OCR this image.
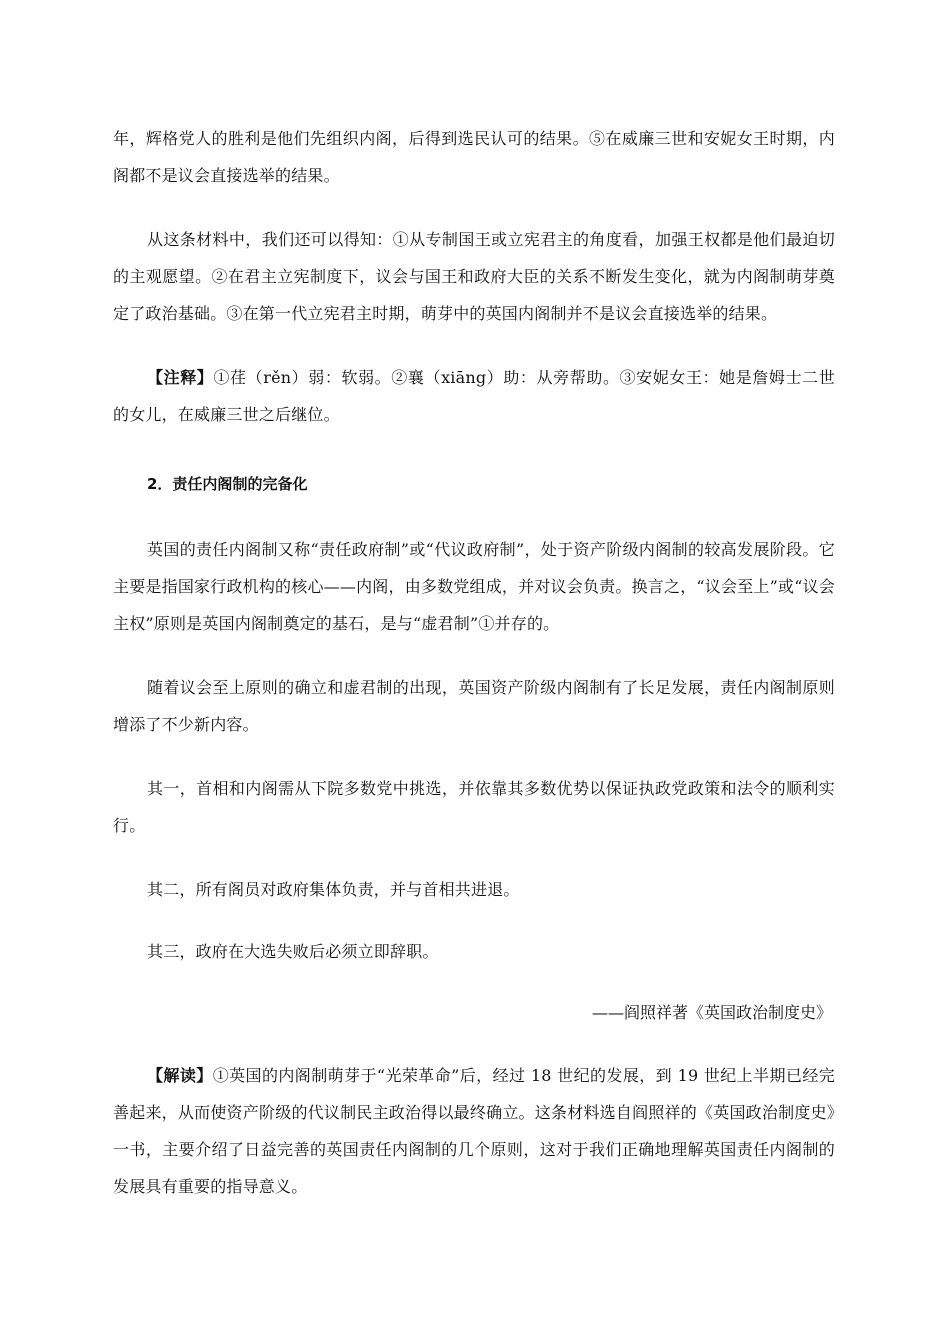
年，辉格党人的胜利是他们先组织内阁，后得到选民认可的结果。⑤在威廉三世和安妮女王时期，内阁都不是议会直接选举的结果。

从这条材料中，我们还可以得知：①从专制国王或立宪君主的角度看，加强王权都是他们最迫切的主观愿望。②在君主立宪制度下，议会与国王和政府大臣的关系不断发生变化，就为内阁制萌芽奠定了政治基础。③在第一代立宪君主时期，萌芽中的英国内阁制并不是议会直接选举的结果。

【注释】①荏（rěn）弱：软弱。②襄（xiāng）助：从旁帮助。③安妮女王：她是詹姆士二世的女儿，在威廉三世之后继位。

2．责任内阁制的完备化

英国的责任内阁制又称“责任政府制”或“代议政府制”，处于资产阶级内阁制的较高发展阶段。它主要是指国家行政机构的核心——内阁，由多数党组成，并对议会负责。换言之，“议会至上”或“议会主权”原则是英国内阁制奠定的基石，是与“虚君制”①并存的。

随着议会至上原则的确立和虚君制的出现，英国资产阶级内阁制有了长足发展，责任内阁制原则增添了不少新内容。

其一，首相和内阁需从下院多数党中挑选，并依靠其多数优势以保证执政党政策和法令的顺利实行。

其二，所有阁员对政府集体负责，并与首相共进退。

其三，政府在大选失败后必须立即辞职。

——阎照祥著《英国政治制度史》

【解读】①英国的内阁制萌芽于“光荣革命”后，经过 18 世纪的发展，到 19 世纪上半期已经完善起来，从而使资产阶级的代议制民主政治得以最终确立。这条材料选自阎照祥的《英国政治制度史》一书，主要介绍了日益完善的英国责任内阁制的几个原则，这对于我们正确地理解英国责任内阁制的发展具有重要的指导意义。
